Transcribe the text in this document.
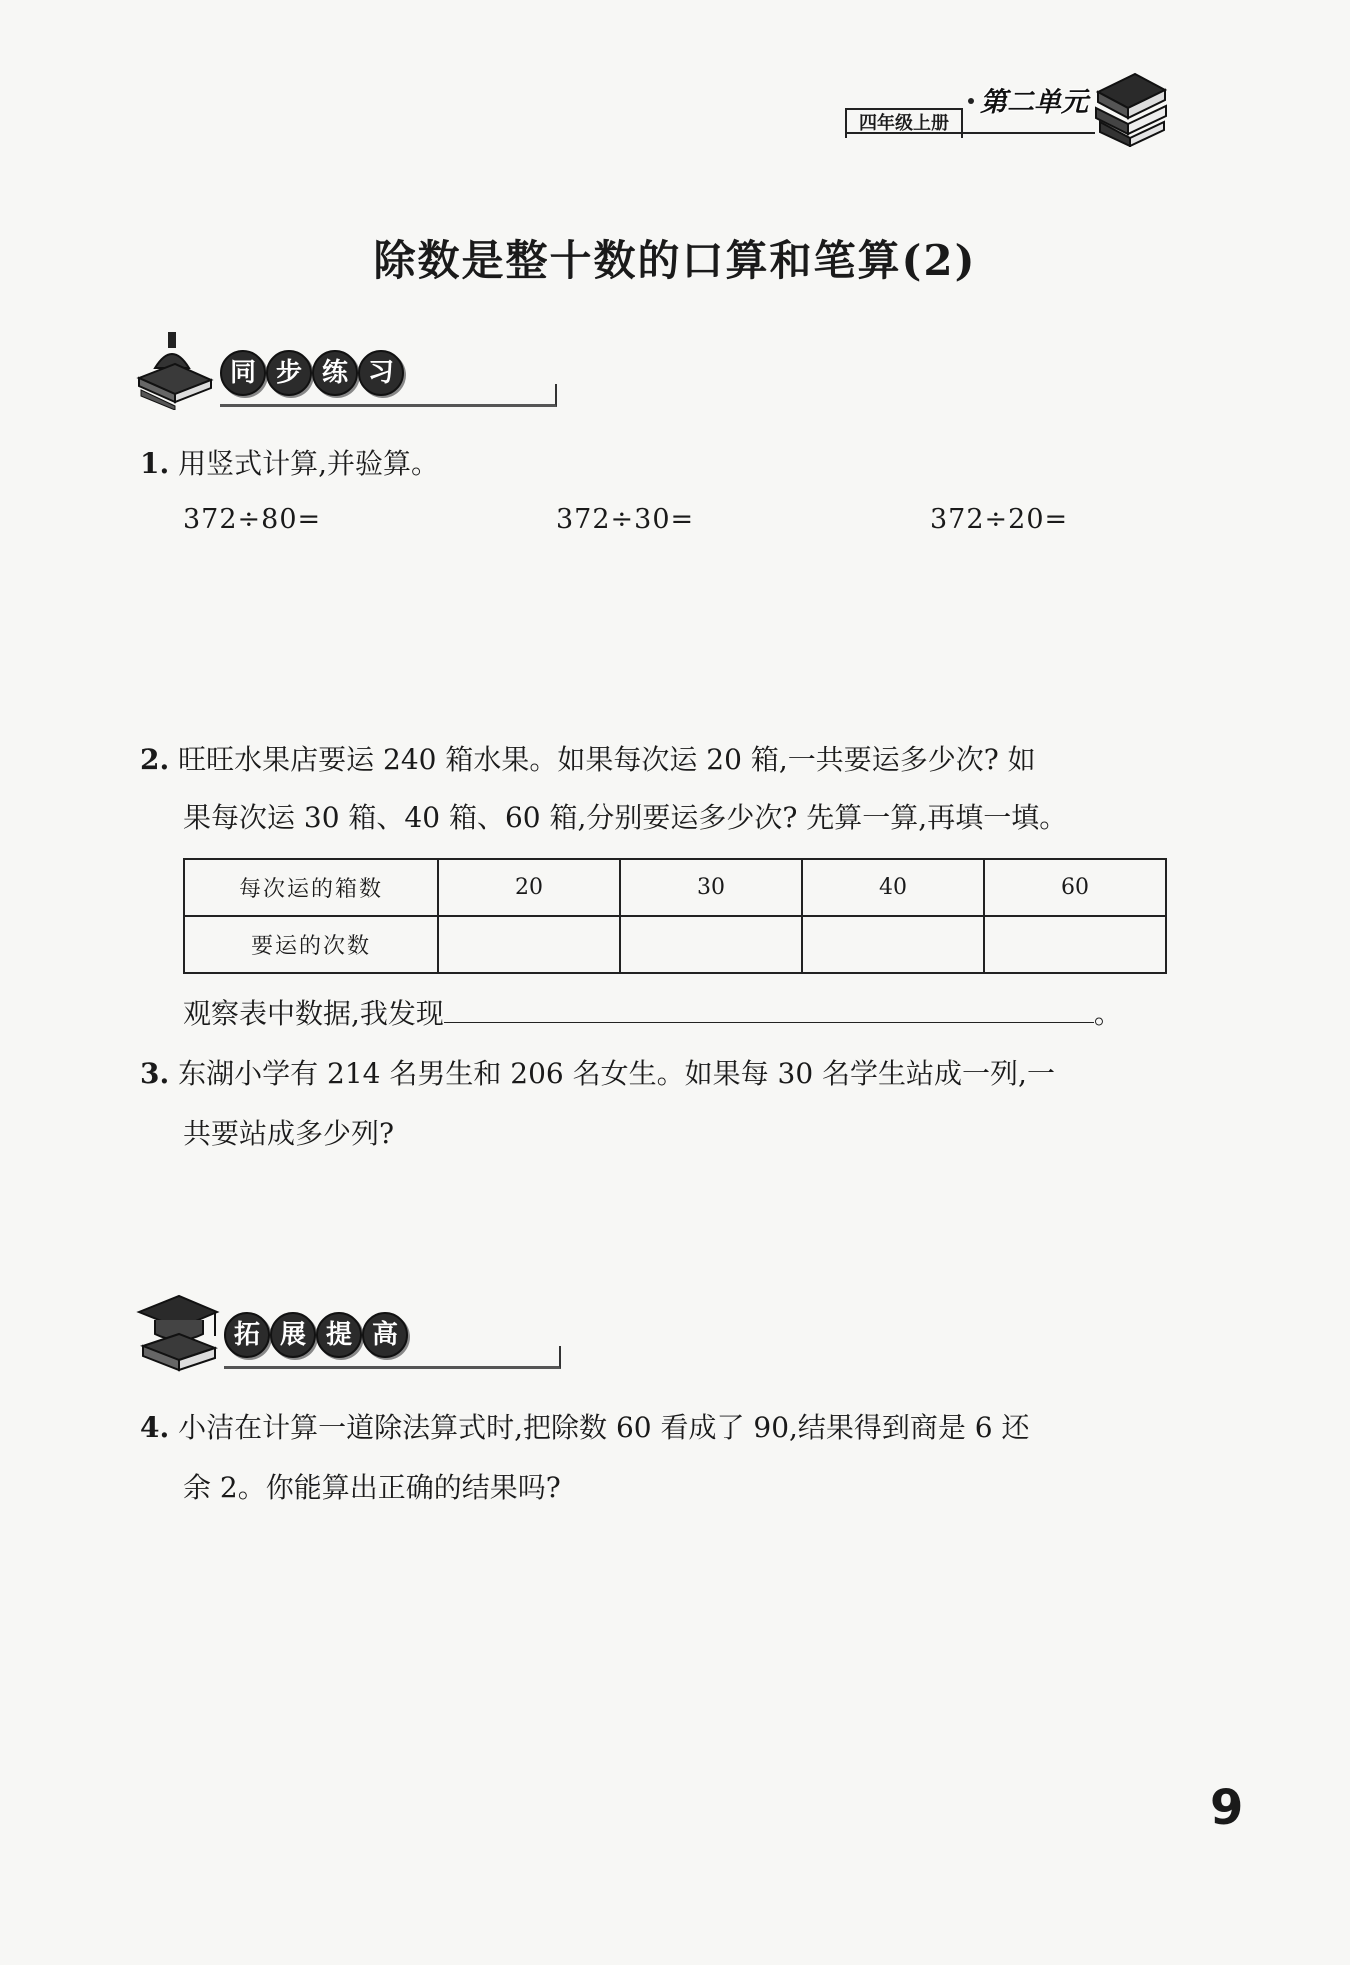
第二单元
四年级上册
除数是整十数的口算和笔算(2)
同 步 练 习
1. 用竖式计算,并验算。
372÷80=	372÷30=	372÷20=
2. 旺旺水果店要运 240 箱水果。如果每次运 20 箱,一共要运多少次? 如
果每次运 30 箱、40 箱、60 箱,分别要运多少次? 先算一算,再填一填。
每次运的箱数	20	30	40	60
要运的次数				
观察表中数据,我发现	。
3. 东湖小学有 214 名男生和 206 名女生。如果每 30 名学生站成一列,一
共要站成多少列?
拓 展 提 高
4. 小洁在计算一道除法算式时,把除数 60 看成了 90,结果得到商是 6 还
余 2。你能算出正确的结果吗?
9
